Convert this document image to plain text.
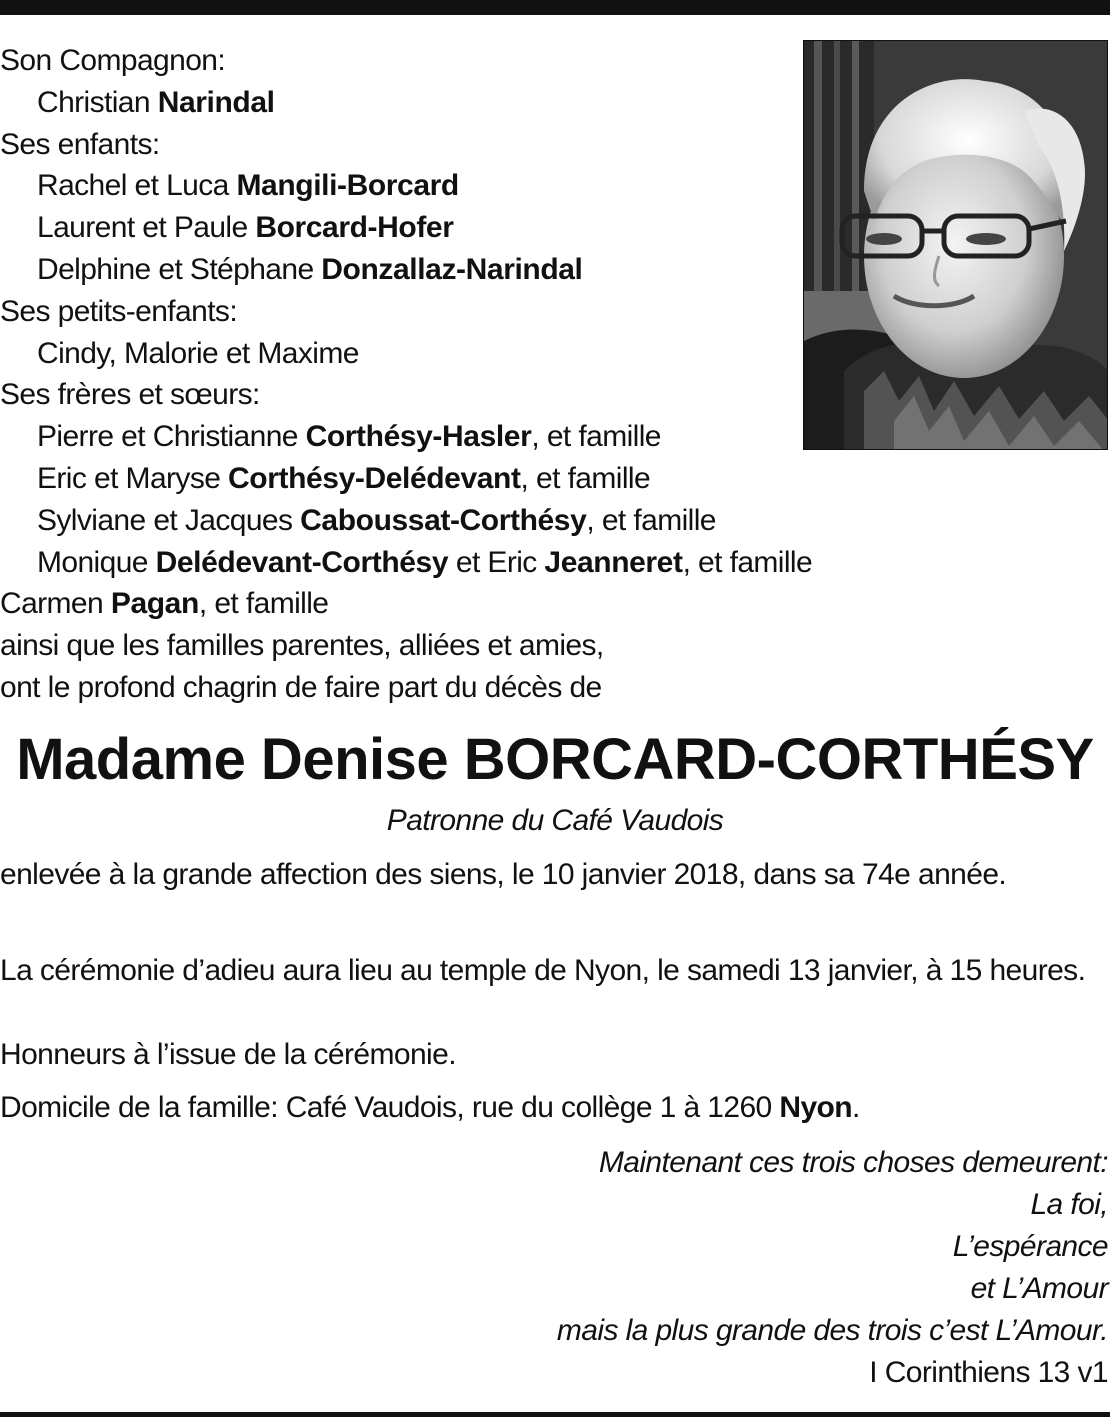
Son Compagnon:
Christian Narindal
Ses enfants:
Rachel et Luca Mangili-Borcard
Laurent et Paule Borcard-Hofer
Delphine et Stéphane Donzallaz-Narindal
Ses petits-enfants:
Cindy, Malorie et Maxime
Ses frères et sœurs:
Pierre et Christianne Corthésy-Hasler, et famille
Eric et Maryse Corthésy-Delédevant, et famille
Sylviane et Jacques Caboussat-Corthésy, et famille
Monique Delédevant-Corthésy et Eric Jeanneret, et famille
Carmen Pagan, et famille
ainsi que les familles parentes, alliées et amies,
ont le profond chagrin de faire part du décès de
Madame Denise BORCARD-CORTHÉSY
Patronne du Café Vaudois
enlevée à la grande affection des siens, le 10 janvier 2018, dans sa 74e année.
La cérémonie d’adieu aura lieu au temple de Nyon, le samedi 13 janvier, à 15 heures.
Honneurs à l’issue de la cérémonie.
Domicile de la famille: Café Vaudois, rue du collège 1 à 1260 Nyon.
Maintenant ces trois choses demeurent:
La foi,
L’espérance
et L’Amour
mais la plus grande des trois c’est L’Amour.
I Corinthiens 13 v1
